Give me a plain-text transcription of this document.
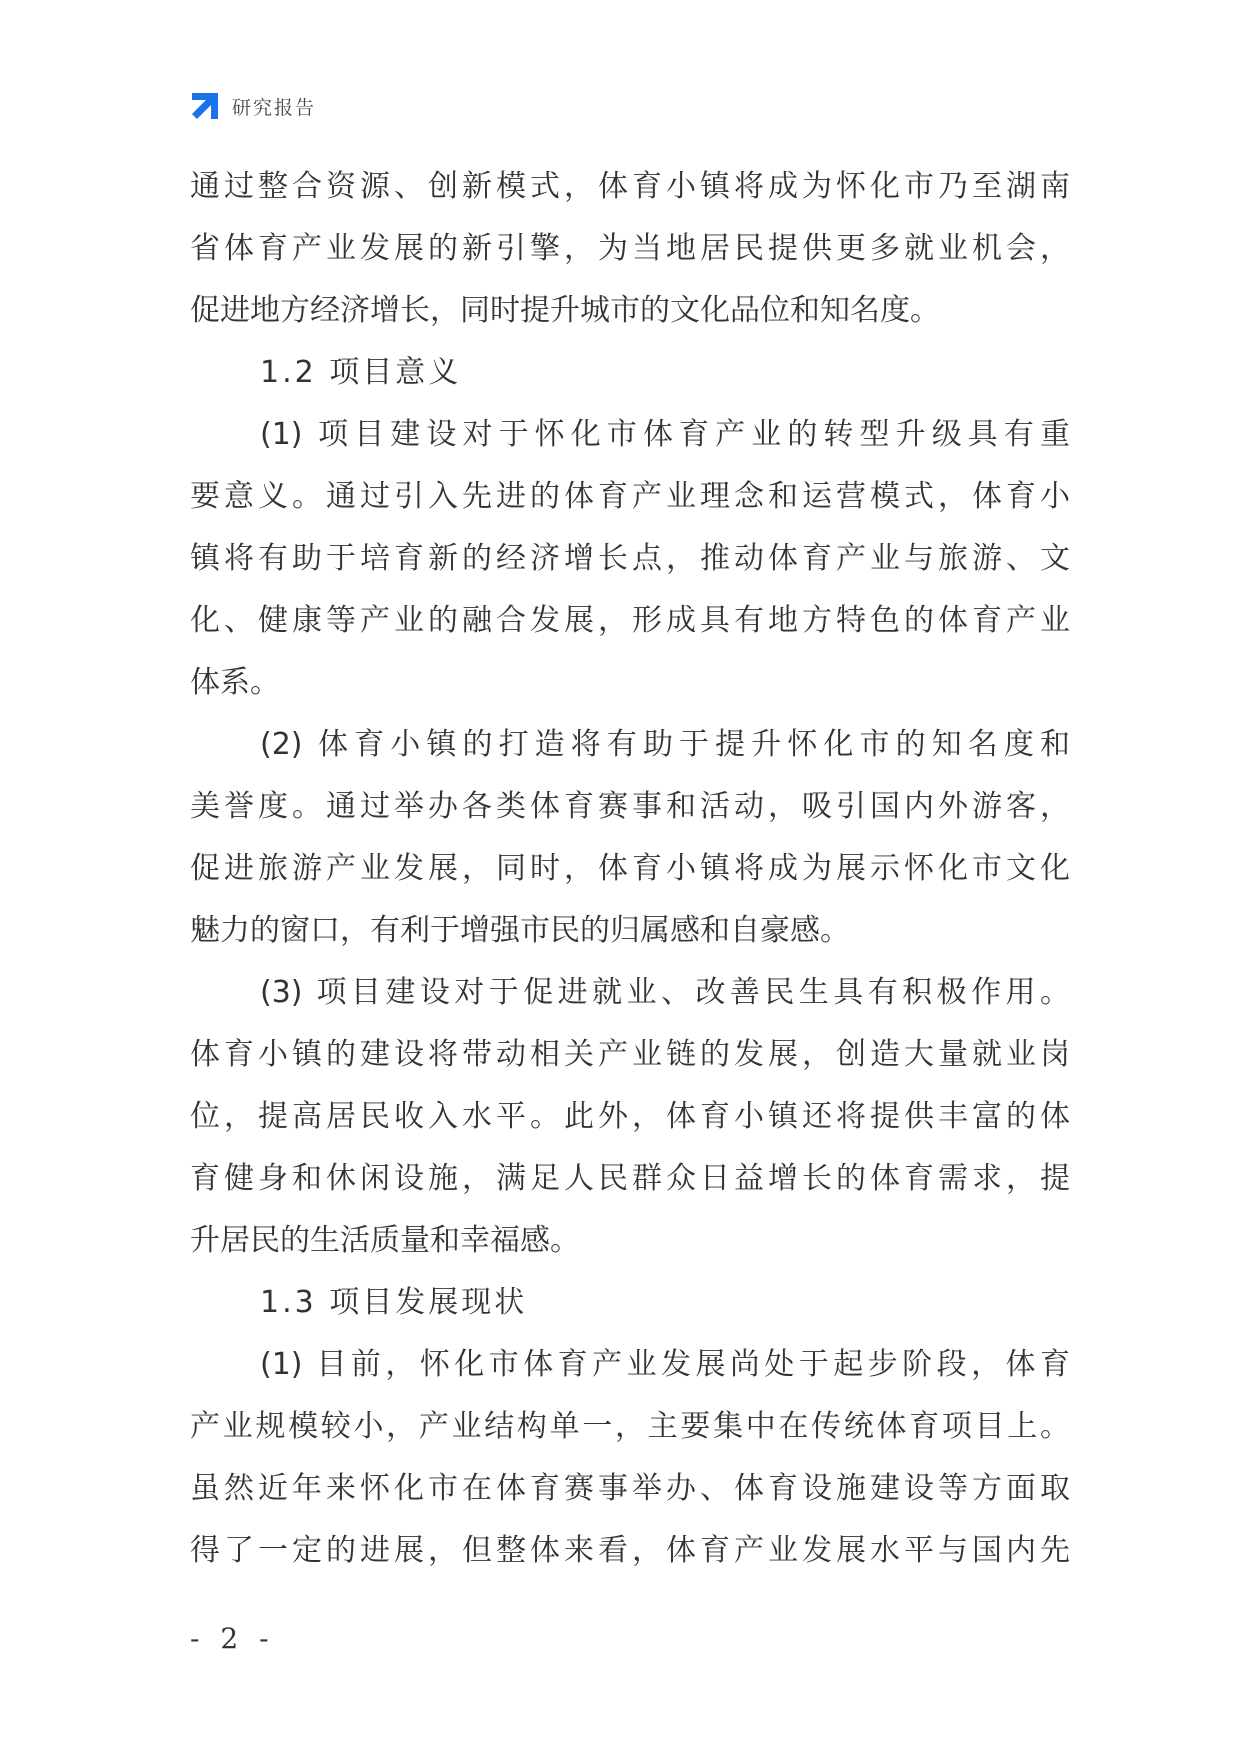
研究报告
通过整合资源、创新模式，体育小镇将成为怀化市乃至湖南
省体育产业发展的新引擎，为当地居民提供更多就业机会，
促进地方经济增长，同时提升城市的文化品位和知名度。
1.2 项目意义
(1) 项目建设对于怀化市体育产业的转型升级具有重
要意义。通过引入先进的体育产业理念和运营模式，体育小
镇将有助于培育新的经济增长点，推动体育产业与旅游、文
化、健康等产业的融合发展，形成具有地方特色的体育产业
体系。
(2) 体育小镇的打造将有助于提升怀化市的知名度和
美誉度。通过举办各类体育赛事和活动，吸引国内外游客，
促进旅游产业发展，同时，体育小镇将成为展示怀化市文化
魅力的窗口，有利于增强市民的归属感和自豪感。
(3) 项目建设对于促进就业、改善民生具有积极作用。
体育小镇的建设将带动相关产业链的发展，创造大量就业岗
位，提高居民收入水平。此外，体育小镇还将提供丰富的体
育健身和休闲设施，满足人民群众日益增长的体育需求，提
升居民的生活质量和幸福感。
1.3 项目发展现状
(1) 目前，怀化市体育产业发展尚处于起步阶段，体育
产业规模较小，产业结构单一，主要集中在传统体育项目上。
虽然近年来怀化市在体育赛事举办、体育设施建设等方面取
得了一定的进展，但整体来看，体育产业发展水平与国内先
- 2 -
